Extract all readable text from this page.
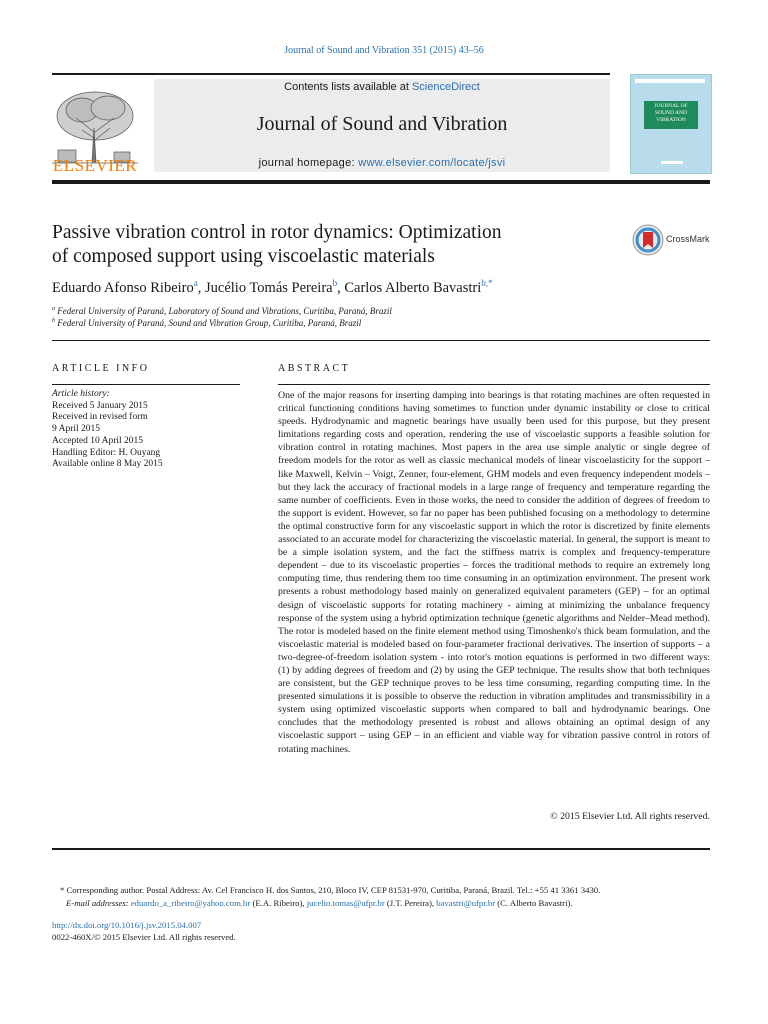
Journal of Sound and Vibration 351 (2015) 43–56
ELSEVIER
Contents lists available at ScienceDirect
Journal of Sound and Vibration
journal homepage: www.elsevier.com/locate/jsvi
JOURNAL OF
SOUND AND
VIBRATION
Passive vibration control in rotor dynamics: Optimization
of composed support using viscoelastic materials
CrossMark
Eduardo Afonso Ribeiro$^a$, Jucélio Tomás Pereira$^b$, Carlos Alberto Bavastri$^{b,*}$
$^a$ Federal University of Paraná, Laboratory of Sound and Vibrations, Curitiba, Paraná, Brazil
$^b$ Federal University of Paraná, Sound and Vibration Group, Curitiba, Paraná, Brazil
ARTICLE INFO
Article history:
Received 5 January 2015
Received in revised form
9 April 2015
Accepted 10 April 2015
Handling Editor: H. Ouyang
Available online 8 May 2015
ABSTRACT
One of the major reasons for inserting damping into bearings is that rotating machines are often requested in critical functioning conditions having sometimes to function under dynamic instability or close to critical speeds. Hydrodynamic and magnetic bearings have usually been used for this purpose, but they present limitations regarding costs and operation, rendering the use of viscoelastic supports a feasible solution for vibration control in rotating machines. Most papers in the area use simple analytic or single degree of freedom models for the rotor as well as classic mechanical models of linear viscoelasticity for the support – like Maxwell, Kelvin – Voigt, Zenner, four-element, GHM models and even frequency independent models – but they lack the accuracy of fractional models in a large range of frequency and temperature regarding the same number of coefficients. Even in those works, the need to consider the addition of degrees of freedom to the support is evident. However, so far no paper has been published focusing on a methodology to determine the optimal constructive form for any viscoelastic support in which the rotor is discretized by finite elements associated to an accurate model for characterizing the viscoelastic material. In general, the support is meant to be a simple isolation system, and the fact the stiffness matrix is complex and frequency-temperature dependent – due to its viscoelastic properties – forces the traditional methods to require an extremely long computing time, thus rendering them too time consuming in an optimization environment. The present work presents a robust methodology based mainly on generalized equivalent parameters (GEP) – for an optimal design of viscoelastic supports for rotating machinery - aiming at minimizing the unbalance frequency response of the system using a hybrid optimization technique (genetic algorithms and Nelder–Mead method). The rotor is modeled based on the finite element method using Timoshenko's thick beam formulation, and the viscoelastic material is modeled based on four-parameter fractional derivatives. The insertion of supports – a two-degree-of-freedom isolation system - into rotor's motion equations is performed in two different ways: (1) by adding degrees of freedom and (2) by using the GEP technique. The results show that both techniques are consistent, but the GEP technique proves to be less time consuming, regarding computing time. In the presented simulations it is possible to observe the reduction in vibration amplitudes and transmissibility in a system using optimized viscoelastic supports when compared to ball and hydrodynamic bearings. One concludes that the methodology presented is robust and allows obtaining an optimal design of any viscoelastic support – using GEP – in an efficient and viable way for vibration passive control in rotors of rotating machines.
© 2015 Elsevier Ltd. All rights reserved.
* Corresponding author. Postal Address: Av. Cel Francisco H. dos Santos, 210, Bloco IV, CEP 81531-970, Curitiba, Paraná, Brazil. Tel.: +55 41 3361 3430.
E-mail addresses: eduardo_a_ribeiro@yahoo.com.br (E.A. Ribeiro), jucelio.tomas@ufpr.br (J.T. Pereira), bavastri@ufpr.br (C. Alberto Bavastri).
http://dx.doi.org/10.1016/j.jsv.2015.04.007
0022-460X/© 2015 Elsevier Ltd. All rights reserved.
